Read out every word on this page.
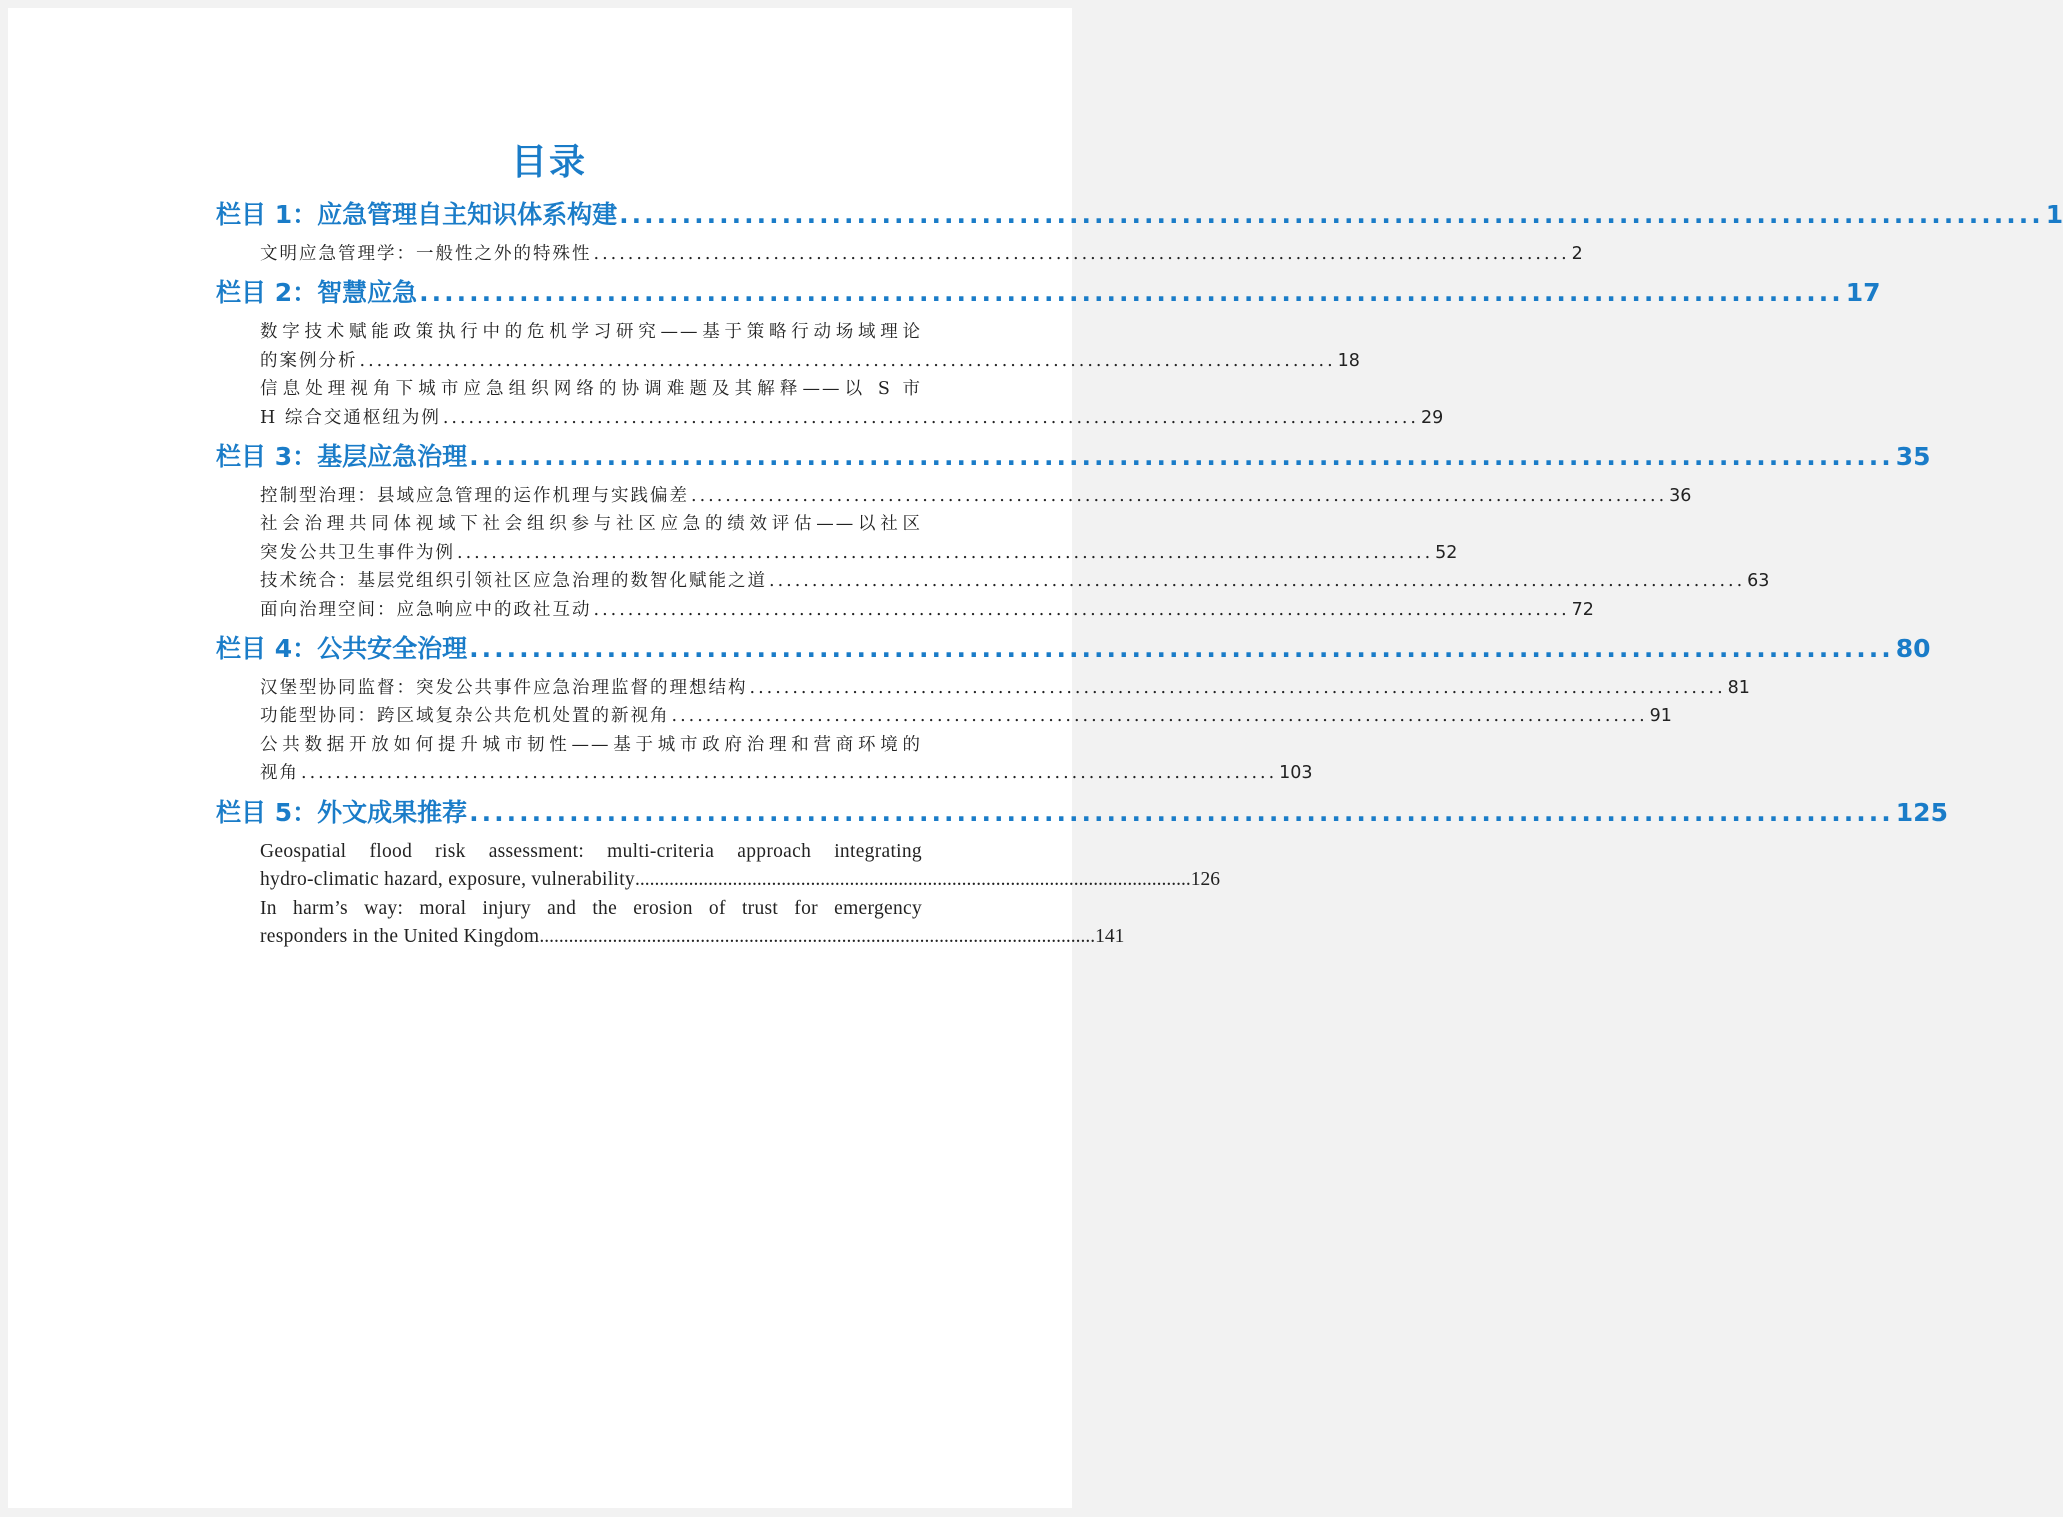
目录
栏目 1：应急管理自主知识体系构建 .................................................................................................................. 1
文明应急管理学：一般性之外的特殊性 .................................................................................................................. 2
栏目 2：智慧应急 .................................................................................................................. 17
数字技术赋能政策执行中的危机学习研究——基于策略行动场域理论
的案例分析 .................................................................................................................. 18
信息处理视角下城市应急组织网络的协调难题及其解释——以 S 市
H 综合交通枢纽为例 .................................................................................................................. 29
栏目 3：基层应急治理 .................................................................................................................. 35
控制型治理：县域应急管理的运作机理与实践偏差 .................................................................................................................. 36
社会治理共同体视域下社会组织参与社区应急的绩效评估——以社区
突发公共卫生事件为例 .................................................................................................................. 52
技术统合：基层党组织引领社区应急治理的数智化赋能之道 .................................................................................................................. 63
面向治理空间：应急响应中的政社互动 .................................................................................................................. 72
栏目 4：公共安全治理 .................................................................................................................. 80
汉堡型协同监督：突发公共事件应急治理监督的理想结构 .................................................................................................................. 81
功能型协同：跨区域复杂公共危机处置的新视角 .................................................................................................................. 91
公共数据开放如何提升城市韧性——基于城市政府治理和营商环境的
视角 .................................................................................................................. 103
栏目 5：外文成果推荐 .................................................................................................................. 125
Geospatial flood risk assessment: multi-criteria approach integrating
hydro-climatic hazard, exposure, vulnerability .................................................................................................................. 126
In harm’s way: moral injury and the erosion of trust for emergency
responders in the United Kingdom .................................................................................................................. 141
